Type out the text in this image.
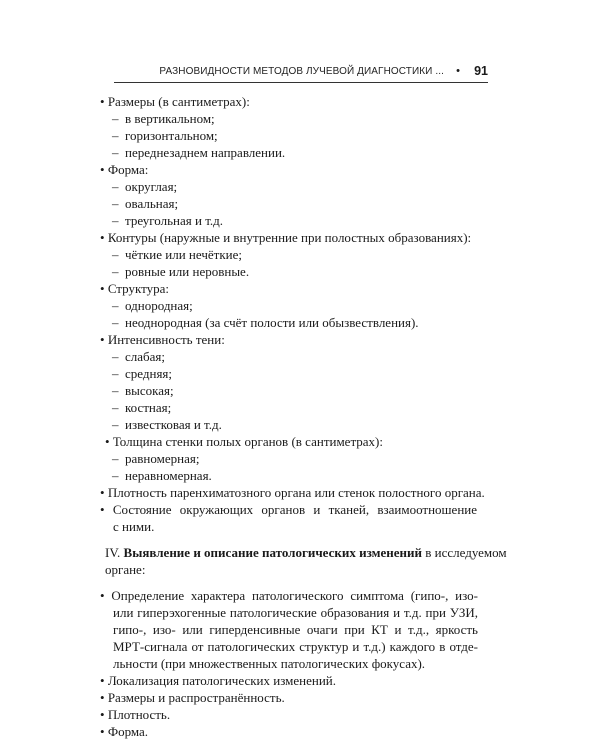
РАЗНОВИДНОСТИ МЕТОДОВ ЛУЧЕВОЙ ДИАГНОСТИКИ ... • 91
• Размеры (в сантиметрах):
– в вертикальном;
– горизонтальном;
– переднезаднем направлении.
• Форма:
– округлая;
– овальная;
– треугольная и т.д.
• Контуры (наружные и внутренние при полостных образованиях):
– чёткие или нечёткие;
– ровные или неровные.
• Структура:
– однородная;
– неоднородная (за счёт полости или обызвествления).
• Интенсивность тени:
– слабая;
– средняя;
– высокая;
– костная;
– известковая и т.д.
• Толщина стенки полых органов (в сантиметрах):
– равномерная;
– неравномерная.
• Плотность паренхиматозного органа или стенок полостного органа.
• Состояние окружающих органов и тканей, взаимоотношение
с ними.
IV. Выявление и описание патологических изменений в исследуемом
органе:
• Определение характера патологического симптома (гипо-, изо-
или гиперэхогенные патологические образования и т.д. при УЗИ,
гипо-, изо- или гиперденсивные очаги при КТ и т.д., яркость
МРТ-сигнала от патологических структур и т.д.) каждого в отде-
льности (при множественных патологических фокусах).
• Локализация патологических изменений.
• Размеры и распространённость.
• Плотность.
• Форма.
